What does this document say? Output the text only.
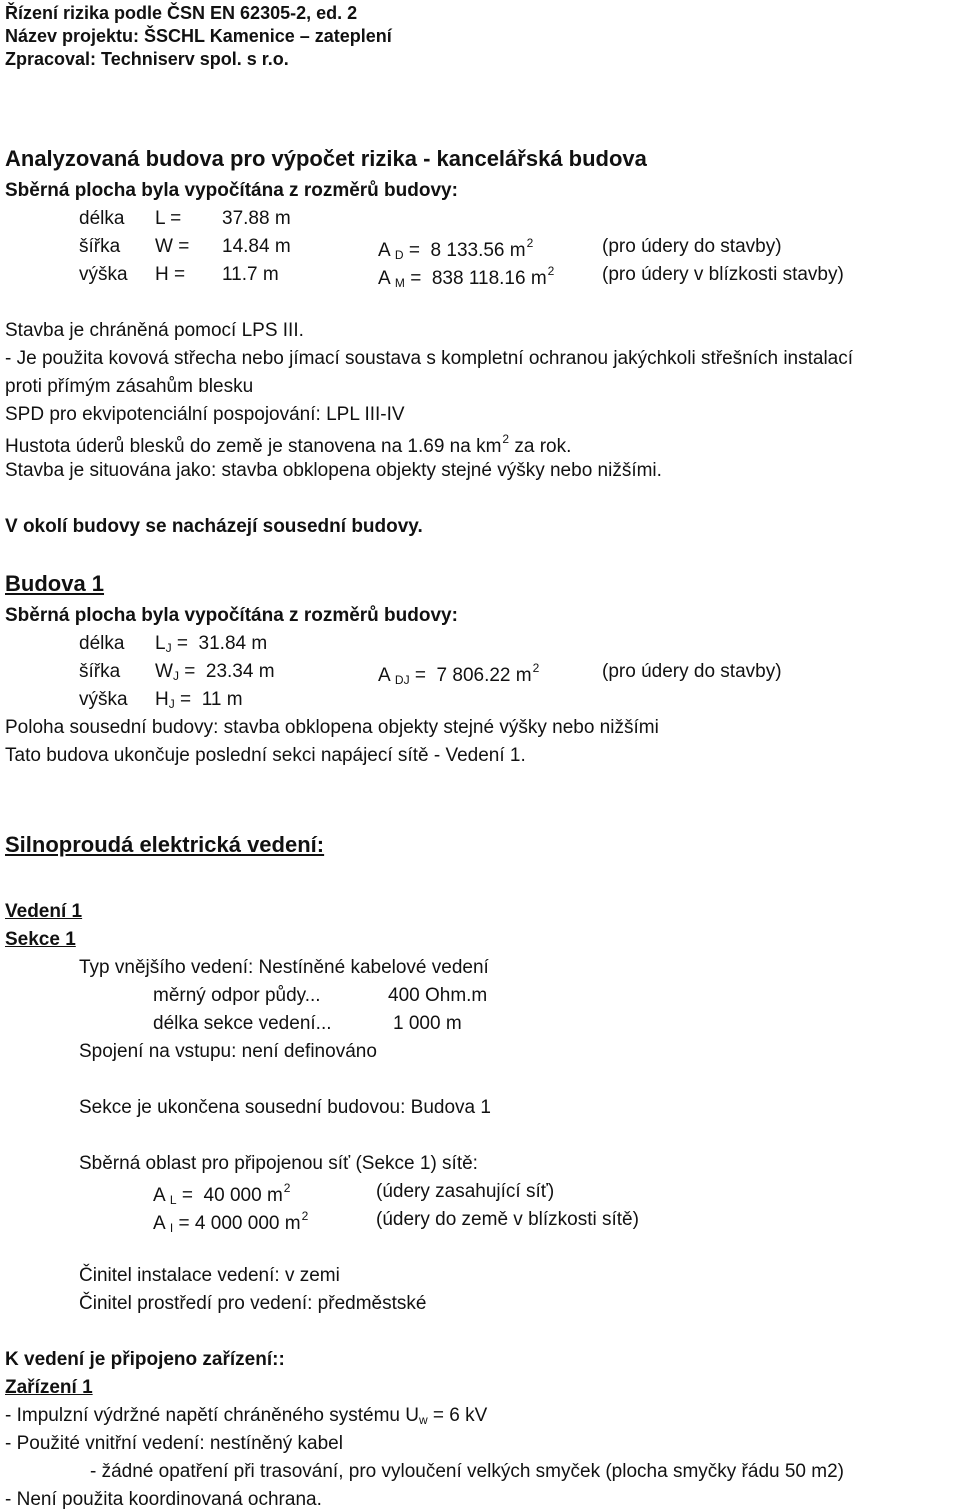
Řízení rizika podle ČSN EN 62305-2, ed. 2
Název projektu: ŠSCHL Kamenice – zateplení
Zpracoval: Techniserv spol. s r.o.
Analyzovaná budova pro výpočet rizika - kancelářská budova
Sběrná plocha byla vypočítána z rozměrů budovy:
délka L = 37.88 m
šířka W = 14.84 m	A $_D$ = 8 133.56 $m^2$	(pro údery do stavby)
výška H = 11.7 m	A $_M$ = 838 118.16 $m^2$	(pro údery v blízkosti stavby)
Stavba je chráněná pomocí LPS III.
- Je použita kovová střecha nebo jímací soustava s kompletní ochranou jakýchkoli střešních instalací
proti přímým zásahům blesku
SPD pro ekvipotenciální pospojování: LPL III-IV
Hustota úderů blesků do země je stanovena na 1.69 na $km^2$ za rok.
Stavba je situována jako: stavba obklopena objekty stejné výšky nebo nižšími.
V okolí budovy se nacházejí sousední budovy.
Budova 1
Sběrná plocha byla vypočítána z rozměrů budovy:
délka $L_J = 31.84$ m
šířka $W_J = 23.34$ m	A $_{DJ}$ = 7 806.22 $m^2$	(pro údery do stavby)
výška $H_J = 11$ m
Poloha sousední budovy: stavba obklopena objekty stejné výšky nebo nižšími
Tato budova ukončuje poslední sekci napájecí sítě - Vedení 1.
Silnoproudá elektrická vedení:
Vedení 1
Sekce 1
Typ vnějšího vedení: Nestíněné kabelové vedení
měrný odpor půdy...	400 Ohm.m
délka sekce vedení...	1 000 m
Spojení na vstupu: není definováno
Sekce je ukončena sousední budovou: Budova 1
Sběrná oblast pro připojenou síť (Sekce 1) sítě:
A $_L$ = 40 000 $m^2$	(údery zasahující síť)
A $_I$ = 4 000 000 $m^2$	(údery do země v blízkosti sítě)
Činitel instalace vedení: v zemi
Činitel prostředí pro vedení: předměstské
K vedení je připojeno zařízení::
Zařízení 1
- Impulzní výdržné napětí chráněného systému $U_w = 6$ kV
- Použité vnitřní vedení: nestíněný kabel
- žádné opatření při trasování, pro vyloučení velkých smyček (plocha smyčky řádu 50 m2)
- Není použita koordinovaná ochrana.
